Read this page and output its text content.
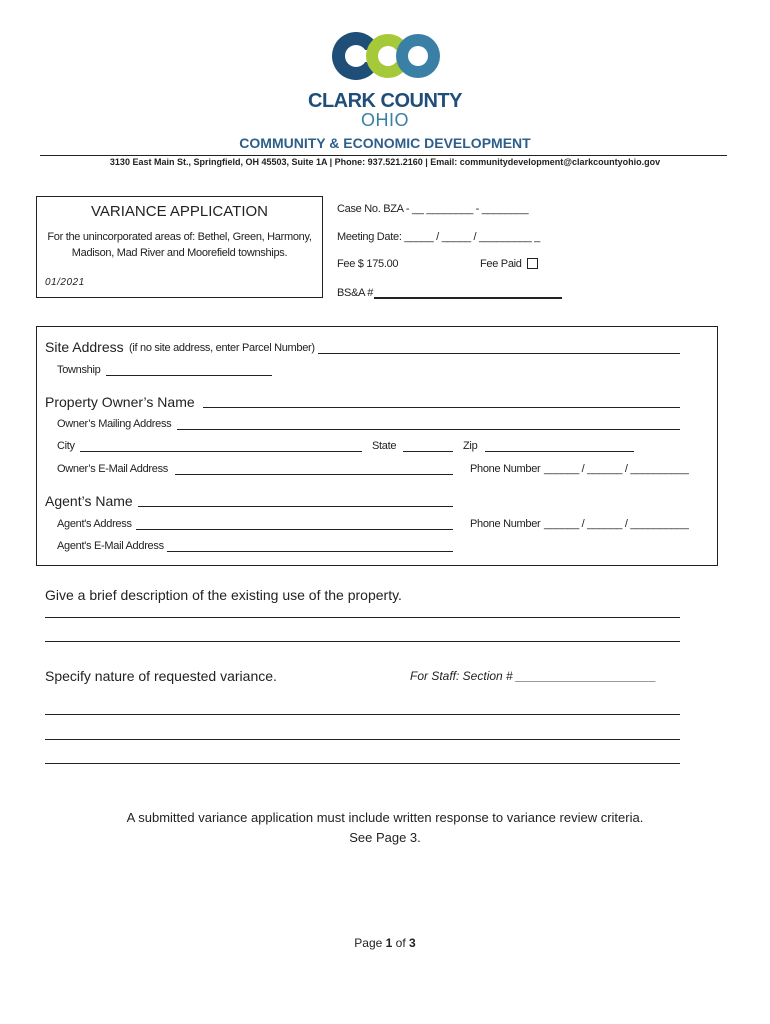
CLARK COUNTY
OHIO
COMMUNITY & ECONOMIC DEVELOPMENT
3130 East Main St., Springfield, OH 45503, Suite 1A | Phone: 937.521.2160 | Email: communitydevelopment@clarkcountyohio.gov
VARIANCE APPLICATION
For the unincorporated areas of: Bethel, Green, Harmony,
Madison, Mad River and Moorefield townships.
01/2021
Case No. BZA - __ ________ - ________
Meeting Date: _____ / _____ / _________ _
Fee $ 175.00	Fee Paid
BS&A #
Site Address (if no site address, enter Parcel Number)
Township
Property Owner’s Name
Owner’s Mailing Address
City	State	Zip
Owner’s E-Mail Address	Phone Number ______ / ______ / __________
Agent’s Name
Agent's Address	Phone Number ______ / ______ / __________
Agent's E-Mail Address
Give a brief description of the existing use of the property.
Specify nature of requested variance.	For Staff: Section # _____________________
A submitted variance application must include written response to variance review criteria.
See Page 3.
Page 1 of 3
